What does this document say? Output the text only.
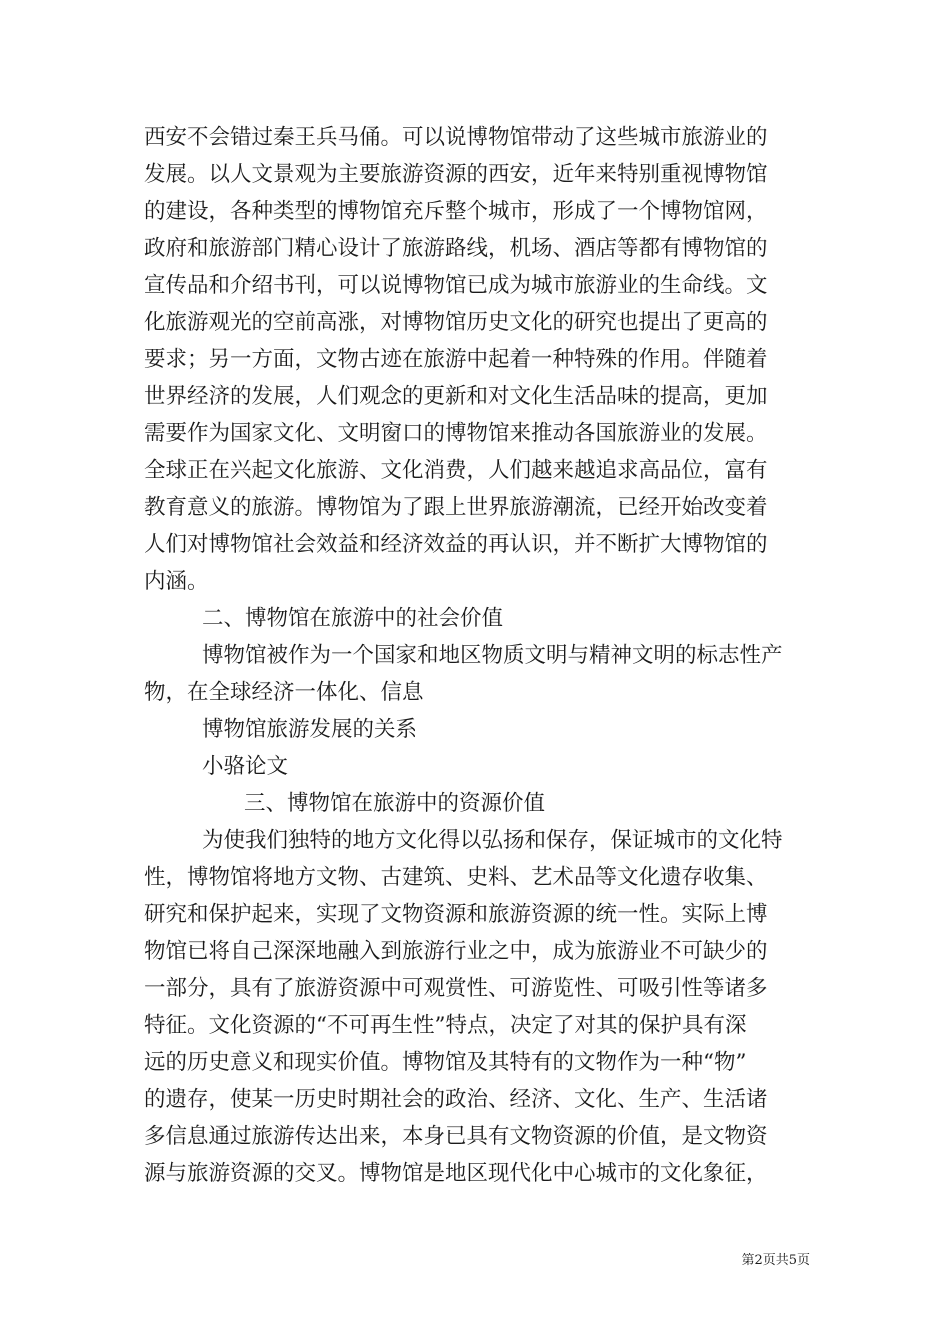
西安不会错过秦王兵马俑。可以说博物馆带动了这些城市旅游业的
发展。以人文景观为主要旅游资源的西安，近年来特别重视博物馆
的建设，各种类型的博物馆充斥整个城市，形成了一个博物馆网，
政府和旅游部门精心设计了旅游路线，机场、酒店等都有博物馆的
宣传品和介绍书刊，可以说博物馆已成为城市旅游业的生命线。文
化旅游观光的空前高涨，对博物馆历史文化的研究也提出了更高的
要求；另一方面，文物古迹在旅游中起着一种特殊的作用。伴随着
世界经济的发展，人们观念的更新和对文化生活品味的提高，更加
需要作为国家文化、文明窗口的博物馆来推动各国旅游业的发展。
全球正在兴起文化旅游、文化消费，人们越来越追求高品位，富有
教育意义的旅游。博物馆为了跟上世界旅游潮流，已经开始改变着
人们对博物馆社会效益和经济效益的再认识，并不断扩大博物馆的
内涵。
二、博物馆在旅游中的社会价值
博物馆被作为一个国家和地区物质文明与精神文明的标志性产
物，在全球经济一体化、信息
博物馆旅游发展的关系
小骆论文
三、博物馆在旅游中的资源价值
为使我们独特的地方文化得以弘扬和保存，保证城市的文化特
性，博物馆将地方文物、古建筑、史料、艺术品等文化遗存收集、
研究和保护起来，实现了文物资源和旅游资源的统一性。实际上博
物馆已将自己深深地融入到旅游行业之中，成为旅游业不可缺少的
一部分，具有了旅游资源中可观赏性、可游览性、可吸引性等诸多
特征。文化资源的“不可再生性”特点，决定了对其的保护具有深
远的历史意义和现实价值。博物馆及其特有的文物作为一种“物”
的遗存，使某一历史时期社会的政治、经济、文化、生产、生活诸
多信息通过旅游传达出来，本身已具有文物资源的价值，是文物资
源与旅游资源的交叉。博物馆是地区现代化中心城市的文化象征，
第2页共5页
